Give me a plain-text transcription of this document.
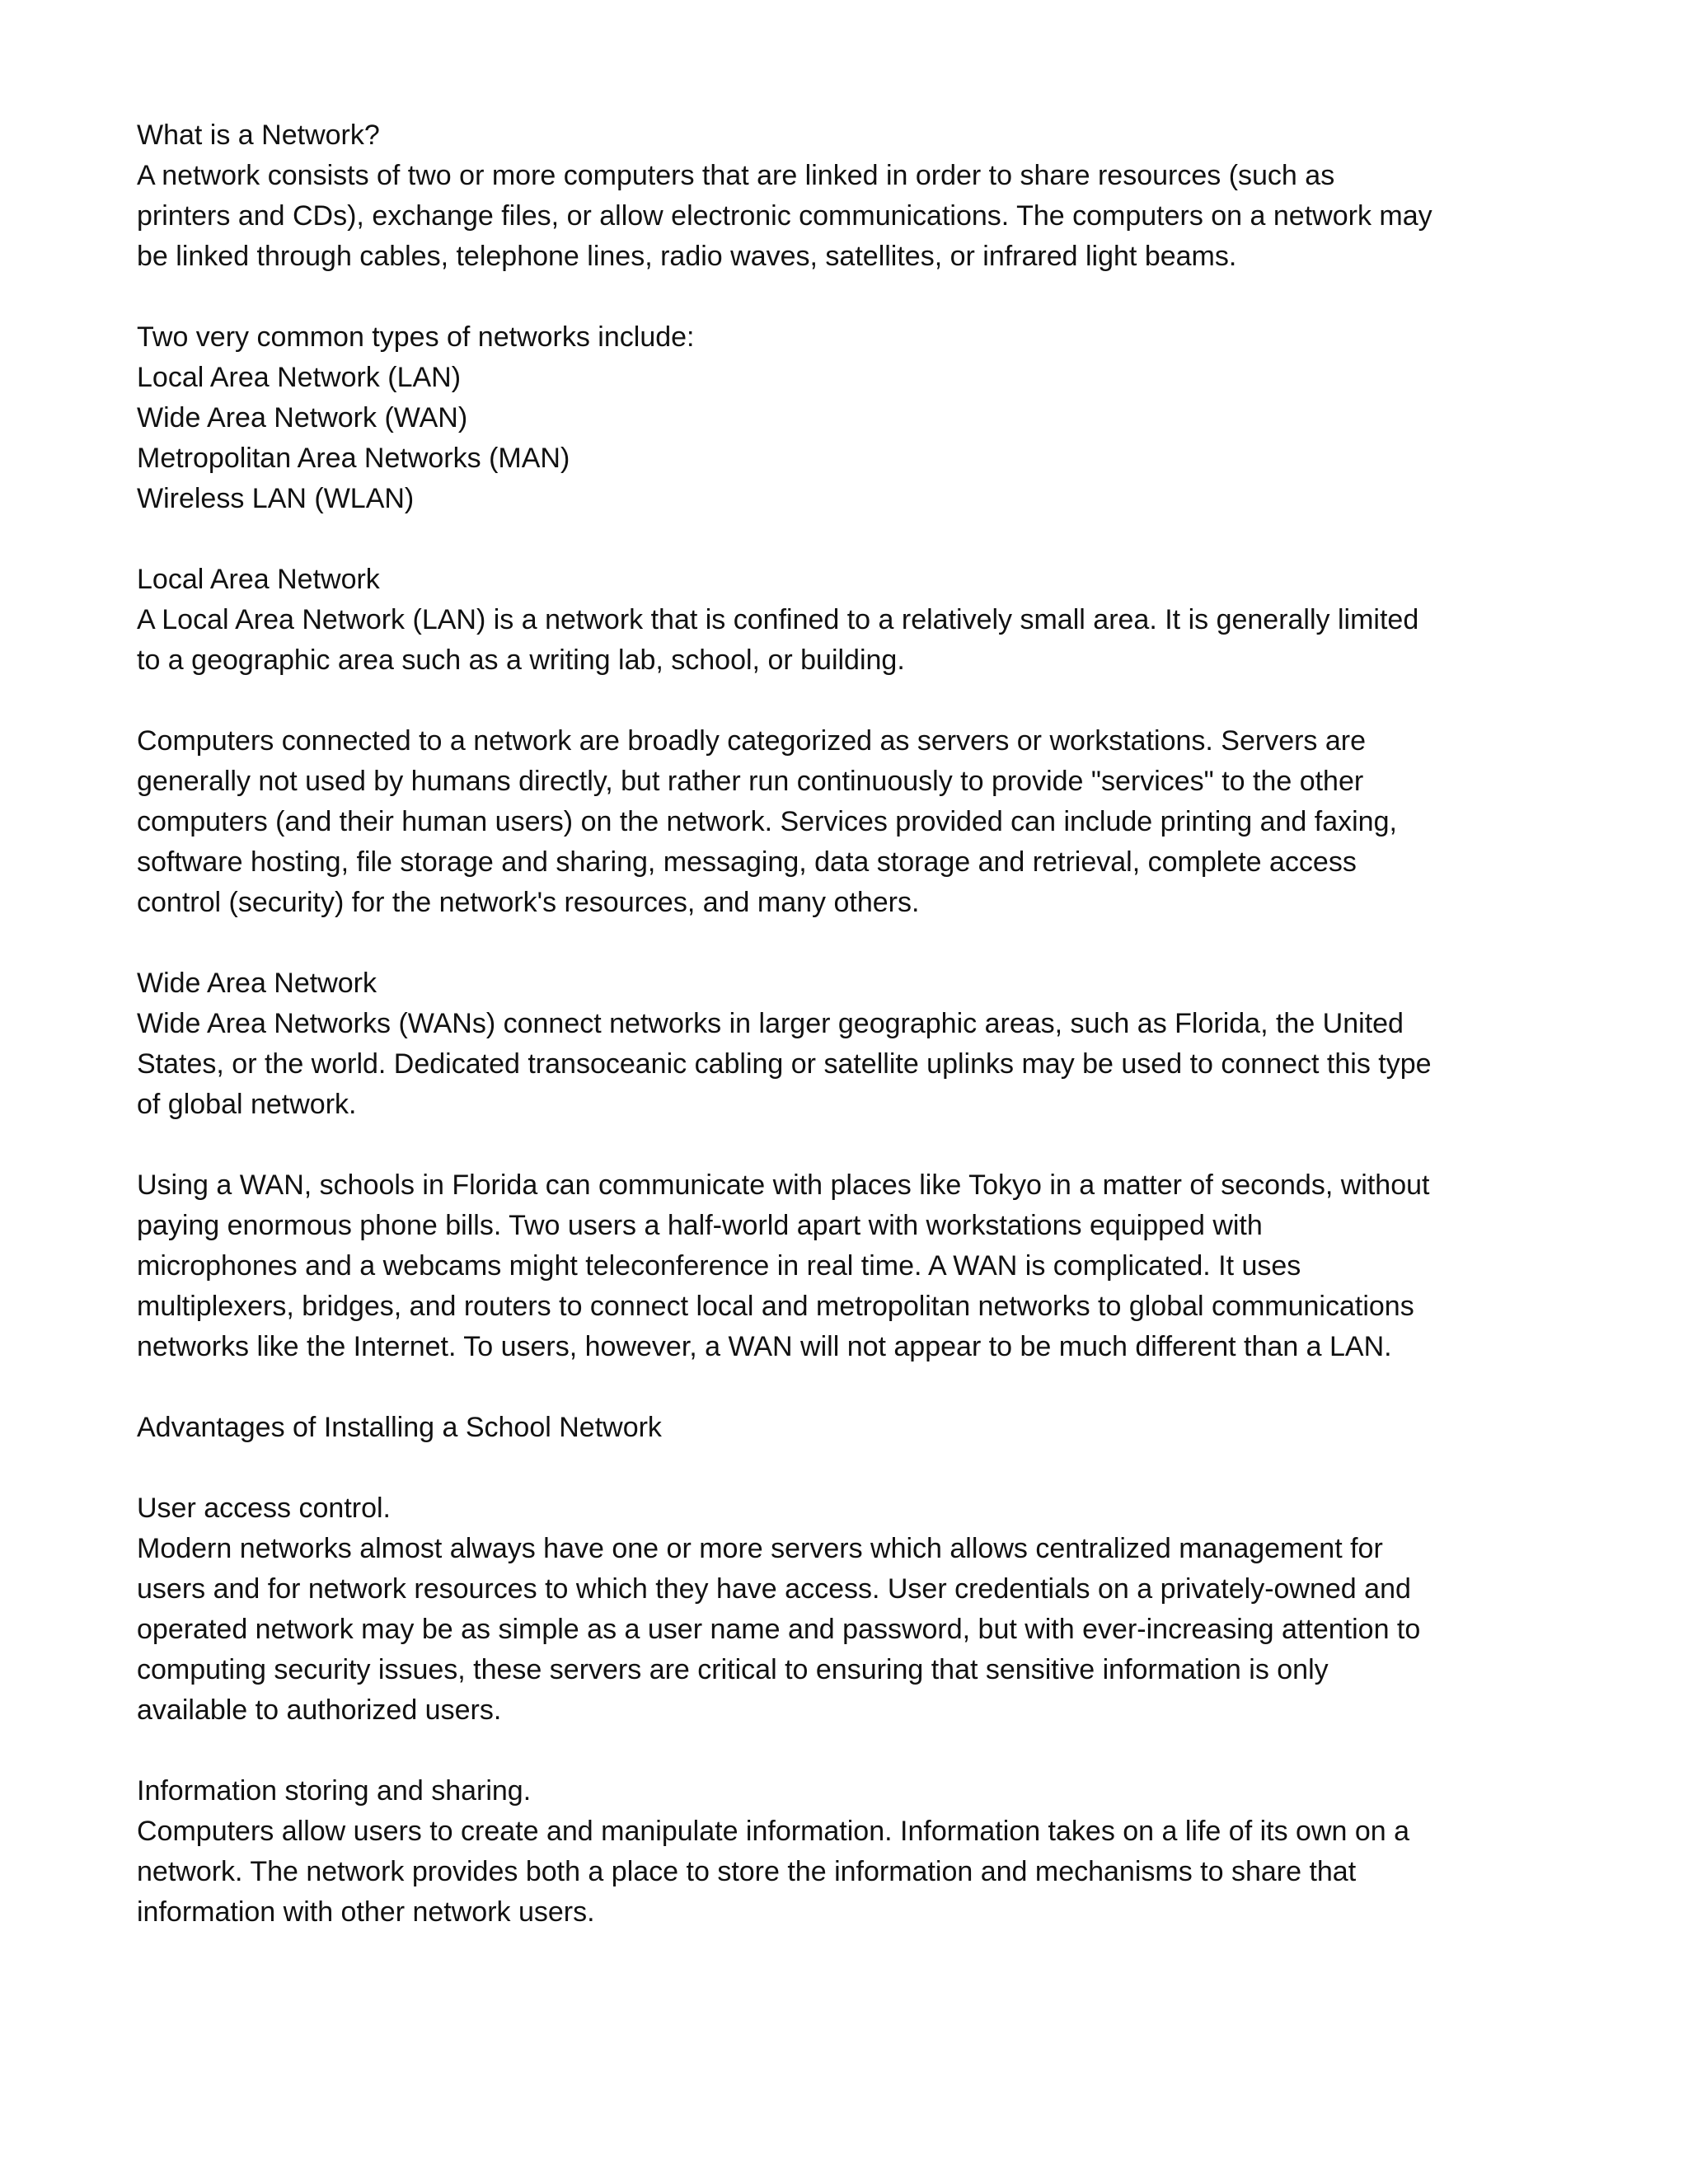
What is a Network?
A network consists of two or more computers that are linked in order to share resources (such as
printers and CDs), exchange files, or allow electronic communications. The computers on a network may
be linked through cables, telephone lines, radio waves, satellites, or infrared light beams.
Two very common types of networks include:
Local Area Network (LAN)
Wide Area Network (WAN)
Metropolitan Area Networks (MAN)
Wireless LAN (WLAN)
Local Area Network
A Local Area Network (LAN) is a network that is confined to a relatively small area. It is generally limited
to a geographic area such as a writing lab, school, or building.
Computers connected to a network are broadly categorized as servers or workstations. Servers are
generally not used by humans directly, but rather run continuously to provide "services" to the other
computers (and their human users) on the network. Services provided can include printing and faxing,
software hosting, file storage and sharing, messaging, data storage and retrieval, complete access
control (security) for the network's resources, and many others.
Wide Area Network
Wide Area Networks (WANs) connect networks in larger geographic areas, such as Florida, the United
States, or the world. Dedicated transoceanic cabling or satellite uplinks may be used to connect this type
of global network.
Using a WAN, schools in Florida can communicate with places like Tokyo in a matter of seconds, without
paying enormous phone bills. Two users a half-world apart with workstations equipped with
microphones and a webcams might teleconference in real time. A WAN is complicated. It uses
multiplexers, bridges, and routers to connect local and metropolitan networks to global communications
networks like the Internet. To users, however, a WAN will not appear to be much different than a LAN.
Advantages of Installing a School Network
User access control.
Modern networks almost always have one or more servers which allows centralized management for
users and for network resources to which they have access. User credentials on a privately-owned and
operated network may be as simple as a user name and password, but with ever-increasing attention to
computing security issues, these servers are critical to ensuring that sensitive information is only
available to authorized users.
Information storing and sharing.
Computers allow users to create and manipulate information. Information takes on a life of its own on a
network. The network provides both a place to store the information and mechanisms to share that
information with other network users.
